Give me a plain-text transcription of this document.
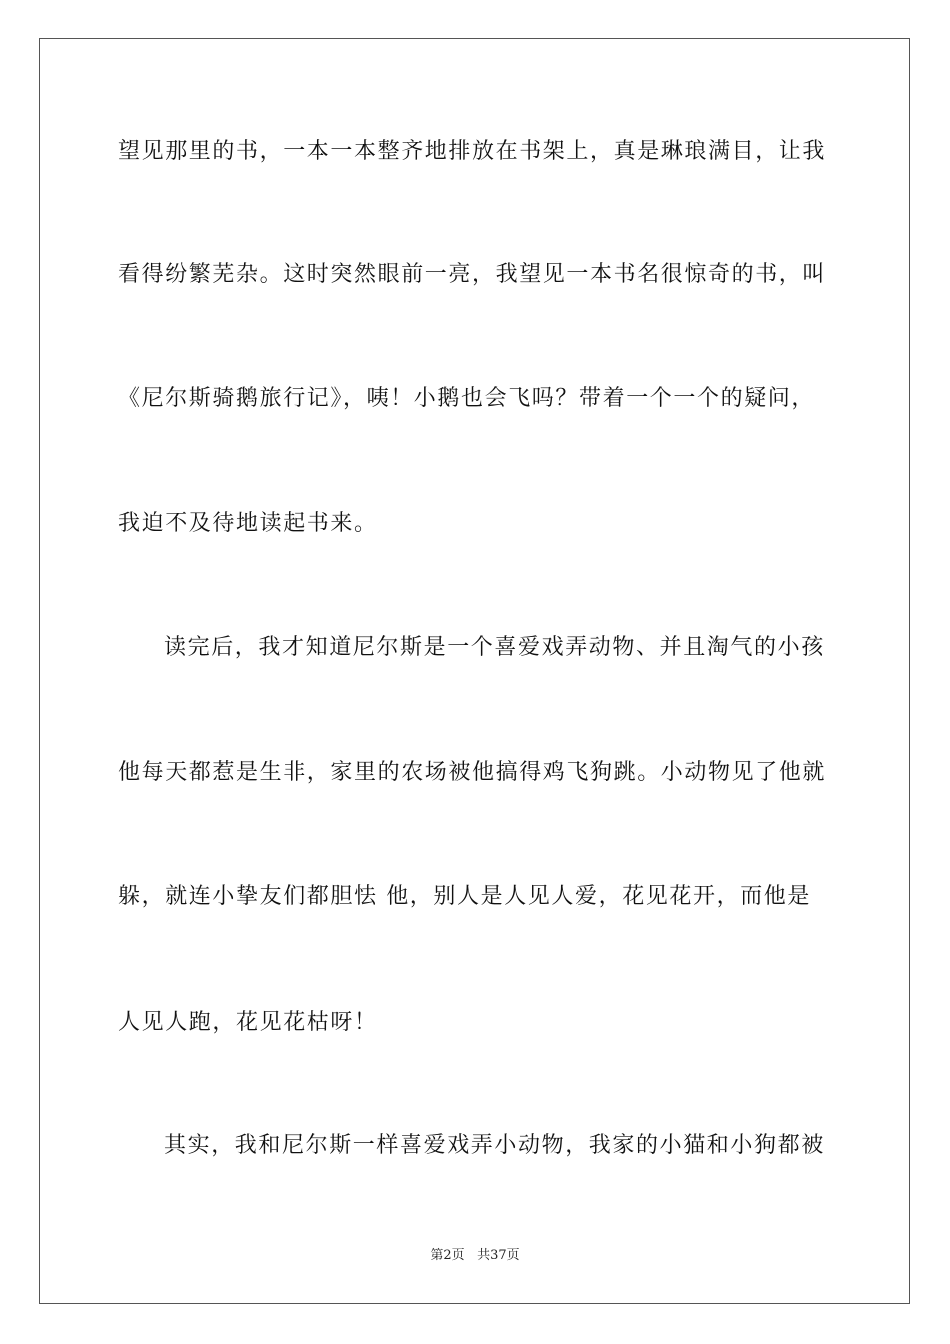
望见那里的书，一本一本整齐地排放在书架上，真是琳琅满目，让我
看得纷繁芜杂。这时突然眼前一亮，我望见一本书名很惊奇的书，叫
《尼尔斯骑鹅旅行记》，咦！小鹅也会飞吗？带着一个一个的疑问，
我迫不及待地读起书来。
读完后，我才知道尼尔斯是一个喜爱戏弄动物、并且淘气的小孩
他每天都惹是生非，家里的农场被他搞得鸡飞狗跳。小动物见了他就
躲，就连小挚友们都胆怯 他，别人是人见人爱，花见花开，而他是
人见人跑，花见花枯呀！
其实，我和尼尔斯一样喜爱戏弄小动物，我家的小猫和小狗都被
第2页 共37页
